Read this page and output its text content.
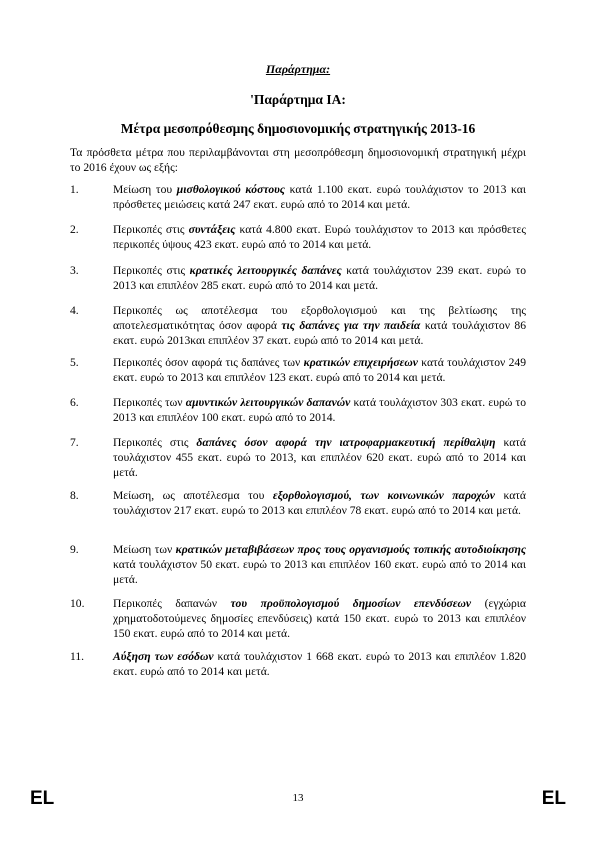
Παράρτημα:
'Παράρτημα ΙΑ:
Μέτρα μεσοπρόθεσμης δημοσιονομικής στρατηγικής 2013-16
Τα πρόσθετα μέτρα που περιλαμβάνονται στη μεσοπρόθεσμη δημοσιονομική στρατηγική μέχρι το 2016 έχουν ως εξής:
1.	Μείωση του μισθολογικού κόστους κατά 1.100 εκατ. ευρώ τουλάχιστον το 2013 και πρόσθετες μειώσεις κατά 247 εκατ. ευρώ από το 2014 και μετά.
2.	Περικοπές στις συντάξεις κατά 4.800 εκατ. Ευρώ τουλάχιστον το 2013 και πρόσθετες περικοπές ύψους 423 εκατ. ευρώ από το 2014 και μετά.
3.	Περικοπές στις κρατικές λειτουργικές δαπάνες κατά τουλάχιστον 239 εκατ. ευρώ το 2013 και επιπλέον 285 εκατ. ευρώ από το 2014 και μετά.
4.	Περικοπές ως αποτέλεσμα του εξορθολογισμού και της βελτίωσης της αποτελεσματικότητας όσον αφορά τις δαπάνες για την παιδεία κατά τουλάχιστον 86 εκατ. ευρώ 2013και επιπλέον 37 εκατ. ευρώ από το 2014 και μετά.
5.	Περικοπές όσον αφορά τις δαπάνες των κρατικών επιχειρήσεων κατά τουλάχιστον 249 εκατ. ευρώ το 2013 και επιπλέον 123 εκατ. ευρώ από το 2014 και μετά.
6.	Περικοπές των αμυντικών λειτουργικών δαπανών κατά τουλάχιστον 303 εκατ. ευρώ το 2013 και επιπλέον 100 εκατ. ευρώ από το 2014.
7.	Περικοπές στις δαπάνες όσον αφορά την ιατροφαρμακευτική περίθαλψη κατά τουλάχιστον 455 εκατ. ευρώ το 2013, και επιπλέον 620 εκατ. ευρώ από το 2014 και μετά.
8.	Μείωση, ως αποτέλεσμα του εξορθολογισμού, των κοινωνικών παροχών κατά τουλάχιστον 217 εκατ. ευρώ το 2013 και επιπλέον 78 εκατ. ευρώ από το 2014 και μετά.
9.	Μείωση των κρατικών μεταβιβάσεων προς τους οργανισμούς τοπικής αυτοδιοίκησης κατά τουλάχιστον 50 εκατ. ευρώ το 2013 και επιπλέον 160 εκατ. ευρώ από το 2014 και μετά.
10.	Περικοπές δαπανών του προϋπολογισμού δημοσίων επενδύσεων (εγχώρια χρηματοδοτούμενες δημοσίες επενδύσεις) κατά 150 εκατ. ευρώ το 2013 και επιπλέον 150 εκατ. ευρώ από το 2014 και μετά.
11.	Αύξηση των εσόδων κατά τουλάχιστον 1 668 εκατ. ευρώ το 2013 και επιπλέον 1.820 εκατ. ευρώ από το 2014 και μετά.
EL	13	EL
